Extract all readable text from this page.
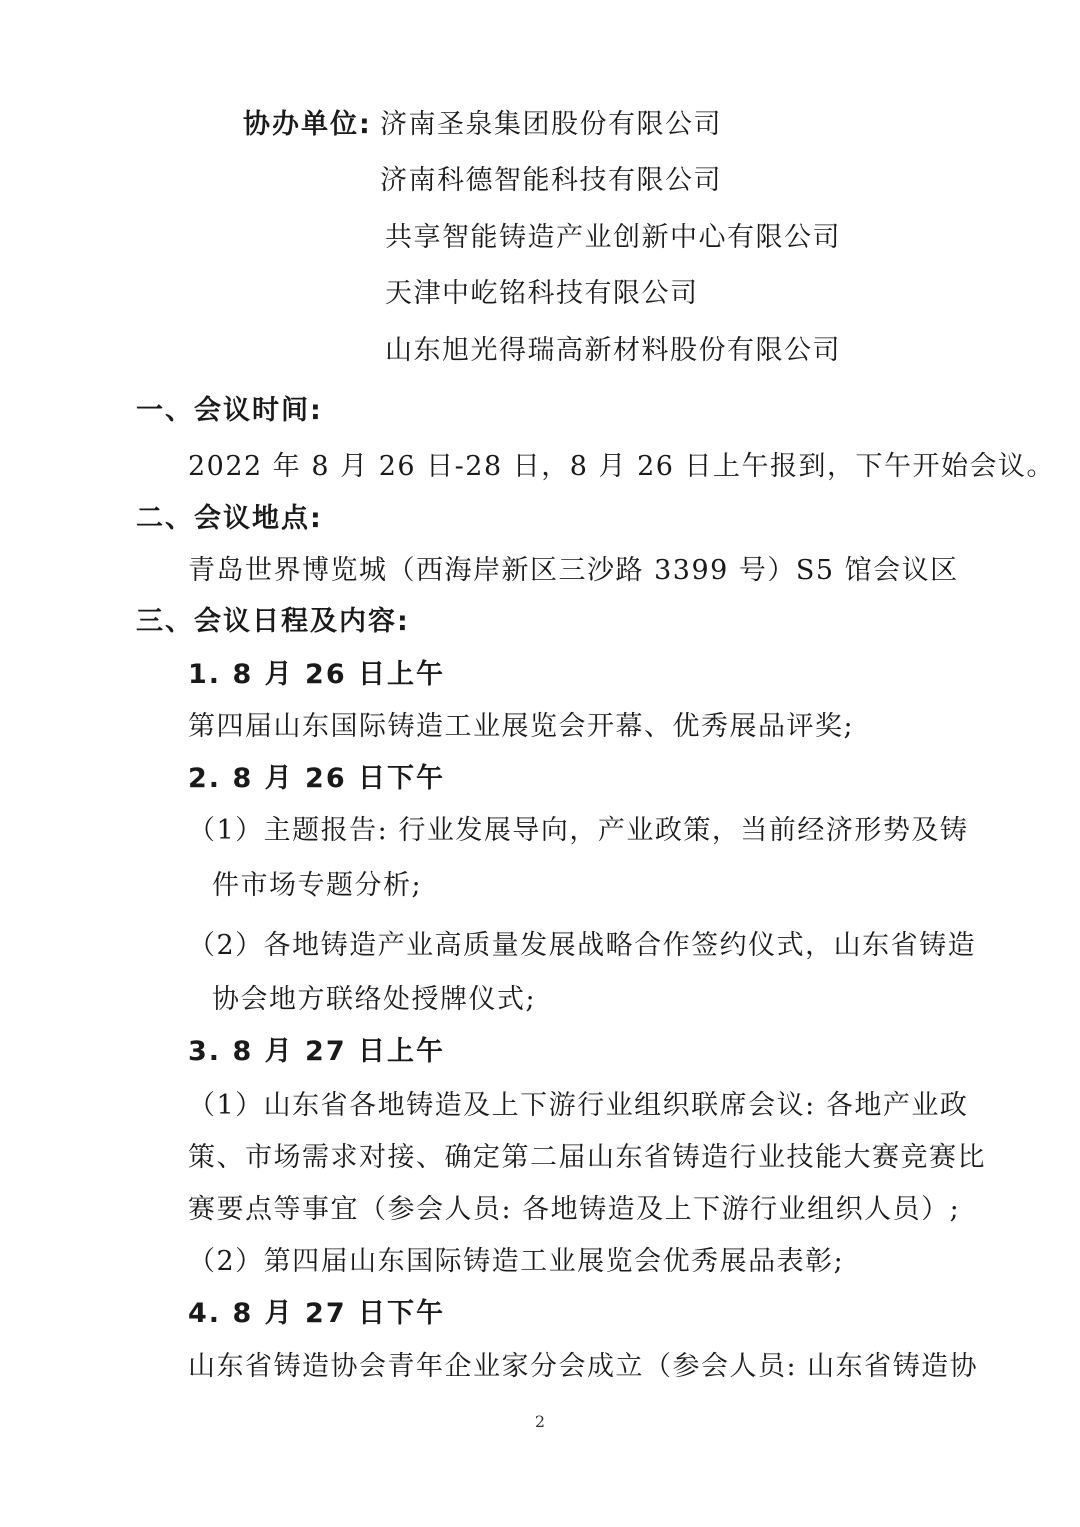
协办单位: 济南圣泉集团股份有限公司
济南科德智能科技有限公司
共享智能铸造产业创新中心有限公司
天津中屹铭科技有限公司
山东旭光得瑞高新材料股份有限公司
一、会议时间:
2022 年 8 月 26 日-28 日，8 月 26 日上午报到，下午开始会议。
二、会议地点:
青岛世界博览城（西海岸新区三沙路 3399 号）S5 馆会议区
三、会议日程及内容:
1. 8 月 26 日上午
第四届山东国际铸造工业展览会开幕、优秀展品评奖;
2. 8 月 26 日下午
（1）主题报告: 行业发展导向，产业政策，当前经济形势及铸
件市场专题分析;
（2）各地铸造产业高质量发展战略合作签约仪式，山东省铸造
协会地方联络处授牌仪式;
3. 8 月 27 日上午
（1）山东省各地铸造及上下游行业组织联席会议: 各地产业政
策、市场需求对接、确定第二届山东省铸造行业技能大赛竞赛比
赛要点等事宜（参会人员: 各地铸造及上下游行业组织人员）;
（2）第四届山东国际铸造工业展览会优秀展品表彰;
4. 8 月 27 日下午
山东省铸造协会青年企业家分会成立（参会人员: 山东省铸造协
2
